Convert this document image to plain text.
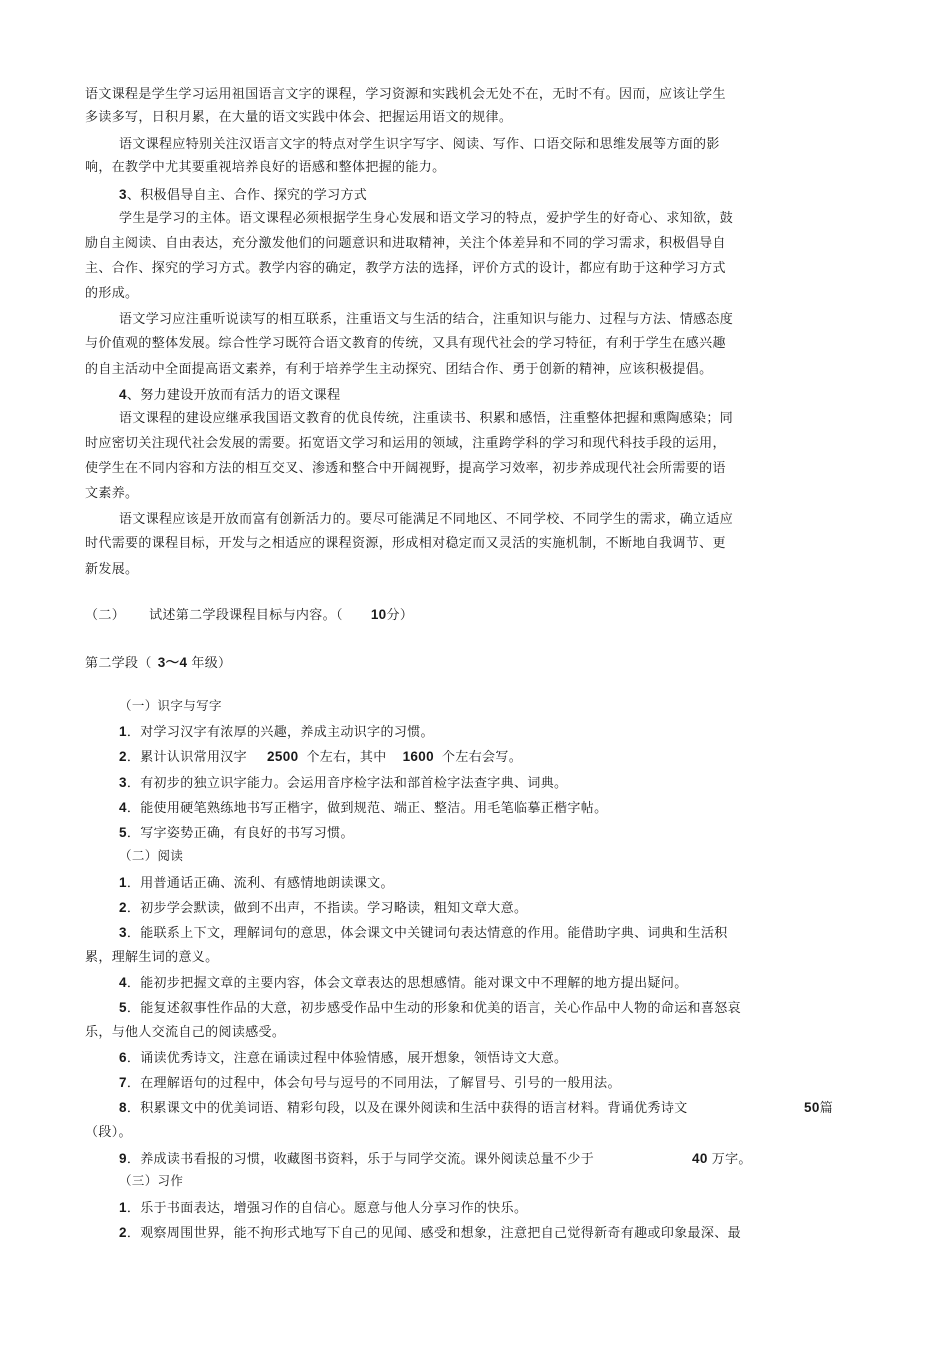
语文课程是学生学习运用祖国语言文字的课程，学习资源和实践机会无处不在，无时不有。因而，应该让学生
多读多写，日积月累，在大量的语文实践中体会、把握运用语文的规律。
语文课程应特别关注汉语言文字的特点对学生识字写字、阅读、写作、口语交际和思维发展等方面的影
响，在教学中尤其要重视培养良好的语感和整体把握的能力。
3、积极倡导自主、合作、探究的学习方式
学生是学习的主体。语文课程必须根据学生身心发展和语文学习的特点，爱护学生的好奇心、求知欲，鼓
励自主阅读、自由表达，充分激发他们的问题意识和进取精神，关注个体差异和不同的学习需求，积极倡导自
主、合作、探究的学习方式。教学内容的确定，教学方法的选择，评价方式的设计，都应有助于这种学习方式
的形成。
语文学习应注重听说读写的相互联系，注重语文与生活的结合，注重知识与能力、过程与方法、情感态度
与价值观的整体发展。综合性学习既符合语文教育的传统，又具有现代社会的学习特征，有利于学生在感兴趣
的自主活动中全面提高语文素养，有利于培养学生主动探究、团结合作、勇于创新的精神，应该积极提倡。
4、努力建设开放而有活力的语文课程
语文课程的建设应继承我国语文教育的优良传统，注重读书、积累和感悟，注重整体把握和熏陶感染；同
时应密切关注现代社会发展的需要。拓宽语文学习和运用的领域，注重跨学科的学习和现代科技手段的运用，
使学生在不同内容和方法的相互交叉、渗透和整合中开阔视野，提高学习效率，初步养成现代社会所需要的语
文素养。
语文课程应该是开放而富有创新活力的。要尽可能满足不同地区、不同学校、不同学生的需求，确立适应
时代需要的课程目标，开发与之相适应的课程资源，形成相对稳定而又灵活的实施机制，不断地自我调节、更
新发展。
（二） 试述第二学段课程目标与内容。（ 10分）
第二学段（ 3～4 年级）
（一）识字与写字
1．对学习汉字有浓厚的兴趣，养成主动识字的习惯。
2．累计认识常用汉字 2500 个左右，其中 1600 个左右会写。
3．有初步的独立识字能力。会运用音序检字法和部首检字法查字典、词典。
4．能使用硬笔熟练地书写正楷字，做到规范、端正、整洁。用毛笔临摹正楷字帖。
5．写字姿势正确，有良好的书写习惯。
（二）阅读
1．用普通话正确、流利、有感情地朗读课文。
2．初步学会默读，做到不出声，不指读。学习略读，粗知文章大意。
3．能联系上下文，理解词句的意思，体会课文中关键词句表达情意的作用。能借助字典、词典和生活积
累，理解生词的意义。
4．能初步把握文章的主要内容，体会文章表达的思想感情。能对课文中不理解的地方提出疑问。
5．能复述叙事性作品的大意，初步感受作品中生动的形象和优美的语言，关心作品中人物的命运和喜怒哀
乐，与他人交流自己的阅读感受。
6．诵读优秀诗文，注意在诵读过程中体验情感，展开想象，领悟诗文大意。
7．在理解语句的过程中，体会句号与逗号的不同用法，了解冒号、引号的一般用法。
8．积累课文中的优美词语、精彩句段，以及在课外阅读和生活中获得的语言材料。背诵优秀诗文	50篇
（段）。
9．养成读书看报的习惯，收藏图书资料，乐于与同学交流。课外阅读总量不少于	40 万字。
（三）习作
1．乐于书面表达，增强习作的自信心。愿意与他人分享习作的快乐。
2．观察周围世界，能不拘形式地写下自己的见闻、感受和想象，注意把自己觉得新奇有趣或印象最深、最
